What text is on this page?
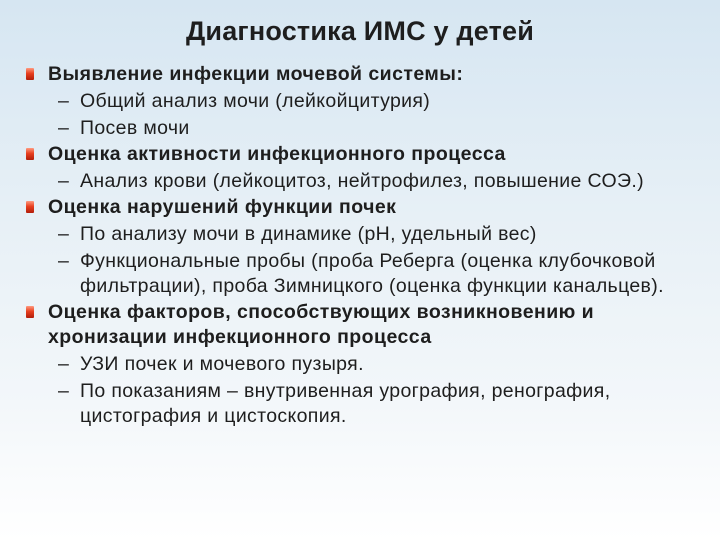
Диагностика ИМС у детей
Выявление инфекции мочевой системы:
– Общий анализ мочи (лейкойцитурия)
– Посев мочи
Оценка активности инфекционного процесса
– Анализ крови (лейкоцитоз, нейтрофилез, повышение СОЭ.)
Оценка нарушений функции почек
– По анализу мочи в динамике (рН, удельный вес)
– Функциональные пробы (проба Реберга (оценка клубочковой фильтрации), проба Зимницкого (оценка функции канальцев).
Оценка факторов, способствующих возникновению и хронизации инфекционного процесса
– УЗИ почек и мочевого пузыря.
– По показаниям – внутривенная урография, ренография, цистография и цистоскопия.
